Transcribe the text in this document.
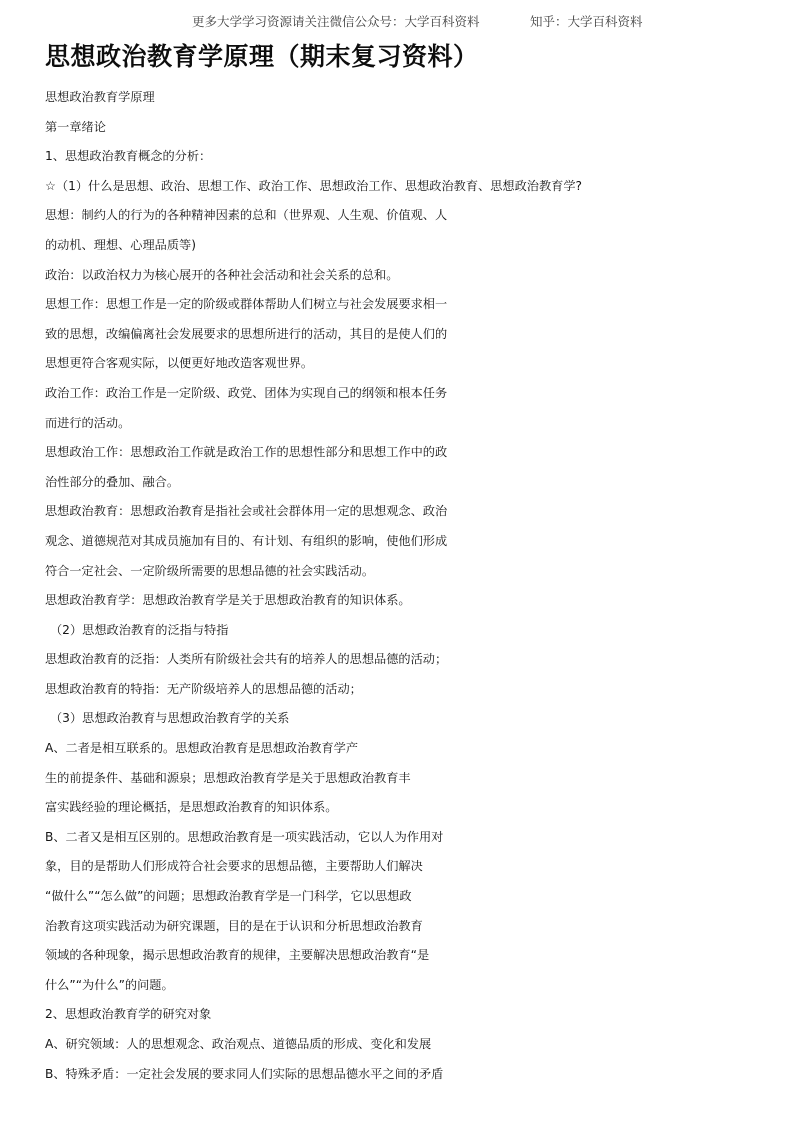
更多大学学习资源请关注微信公众号：大学百科资料	知乎：大学百科资料
思想政治教育学原理（期末复习资料）
思想政治教育学原理
第一章绪论
1、思想政治教育概念的分析：
☆（1）什么是思想、政治、思想工作、政治工作、思想政治工作、思想政治教育、思想政治教育学?
思想：制约人的行为的各种精神因素的总和（世界观、人生观、价值观、人
的动机、理想、心理品质等)
政治：以政治权力为核心展开的各种社会活动和社会关系的总和。
思想工作：思想工作是一定的阶级或群体帮助人们树立与社会发展要求相一
致的思想，改编偏离社会发展要求的思想所进行的活动，其目的是使人们的
思想更符合客观实际，以便更好地改造客观世界。
政治工作：政治工作是一定阶级、政党、团体为实现自己的纲领和根本任务
而进行的活动。
思想政治工作：思想政治工作就是政治工作的思想性部分和思想工作中的政
治性部分的叠加、融合。
思想政治教育：思想政治教育是指社会或社会群体用一定的思想观念、政治
观念、道德规范对其成员施加有目的、有计划、有组织的影响，使他们形成
符合一定社会、一定阶级所需要的思想品德的社会实践活动。
思想政治教育学：思想政治教育学是关于思想政治教育的知识体系。
（2）思想政治教育的泛指与特指
思想政治教育的泛指：人类所有阶级社会共有的培养人的思想品德的活动；
思想政治教育的特指：无产阶级培养人的思想品德的活动；
（3）思想政治教育与思想政治教育学的关系
A、二者是相互联系的。思想政治教育是思想政治教育学产
生的前提条件、基础和源泉；思想政治教育学是关于思想政治教育丰
富实践经验的理论概括，是思想政治教育的知识体系。
B、二者又是相互区别的。思想政治教育是一项实践活动，它以人为作用对
象，目的是帮助人们形成符合社会要求的思想品德，主要帮助人们解决
“做什么”“怎么做”的问题；思想政治教育学是一门科学，它以思想政
治教育这项实践活动为研究课题，目的是在于认识和分析思想政治教育
领域的各种现象，揭示思想政治教育的规律，主要解决思想政治教育“是
什么”“为什么”的问题。
2、思想政治教育学的研究对象
A、研究领域：人的思想观念、政治观点、道德品质的形成、变化和发展
B、特殊矛盾：一定社会发展的要求同人们实际的思想品德水平之间的矛盾
